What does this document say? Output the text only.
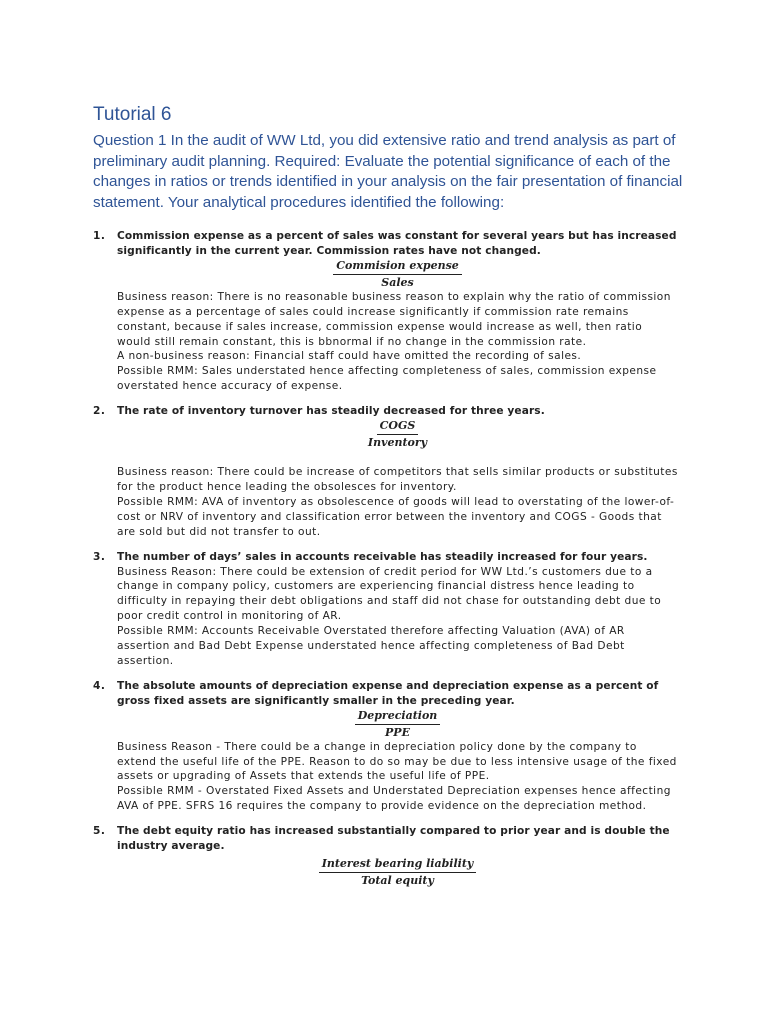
Tutorial 6

Question 1 In the audit of WW Ltd, you did extensive ratio and trend analysis as part of preliminary audit planning. Required: Evaluate the potential significance of each of the changes in ratios or trends identified in your analysis on the fair presentation of financial statement. Your analytical procedures identified the following:

1. Commission expense as a percent of sales was constant for several years but has increased significantly in the current year. Commission rates have not changed.
Commision expense
Sales

Business reason: There is no reasonable business reason to explain why the ratio of commission expense as a percentage of sales could increase significantly if commission rate remains constant, because if sales increase, commission expense would increase as well, then ratio would still remain constant, this is bbnormal if no change in the commission rate.

A non-business reason: Financial staff could have omitted the recording of sales.

Possible RMM: Sales understated hence affecting completeness of sales, commission expense overstated hence accuracy of expense.

2. The rate of inventory turnover has steadily decreased for three years.
COGS
Inventory

Business reason: There could be increase of competitors that sells similar products or substitutes for the product hence leading the obsolesces for inventory.

Possible RMM: AVA of inventory as obsolescence of goods will lead to overstating of the lower-of-cost or NRV of inventory and classification error between the inventory and COGS - Goods that are sold but did not transfer to out.

3. The number of days’ sales in accounts receivable has steadily increased for four years.

Business Reason: There could be extension of credit period for WW Ltd.’s customers due to a change in company policy, customers are experiencing financial distress hence leading to difficulty in repaying their debt obligations and staff did not chase for outstanding debt due to poor credit control in monitoring of AR.

Possible RMM: Accounts Receivable Overstated therefore affecting Valuation (AVA) of AR assertion and Bad Debt Expense understated hence affecting completeness of Bad Debt assertion.

4. The absolute amounts of depreciation expense and depreciation expense as a percent of gross fixed assets are significantly smaller in the preceding year.
Depreciation
PPE

Business Reason - There could be a change in depreciation policy done by the company to extend the useful life of the PPE. Reason to do so may be due to less intensive usage of the fixed assets or upgrading of Assets that extends the useful life of PPE.

Possible RMM - Overstated Fixed Assets and Understated Depreciation expenses hence affecting AVA of PPE. SFRS 16 requires the company to provide evidence on the depreciation method.

5. The debt equity ratio has increased substantially compared to prior year and is double the industry average.
Interest bearing liability
Total equity
